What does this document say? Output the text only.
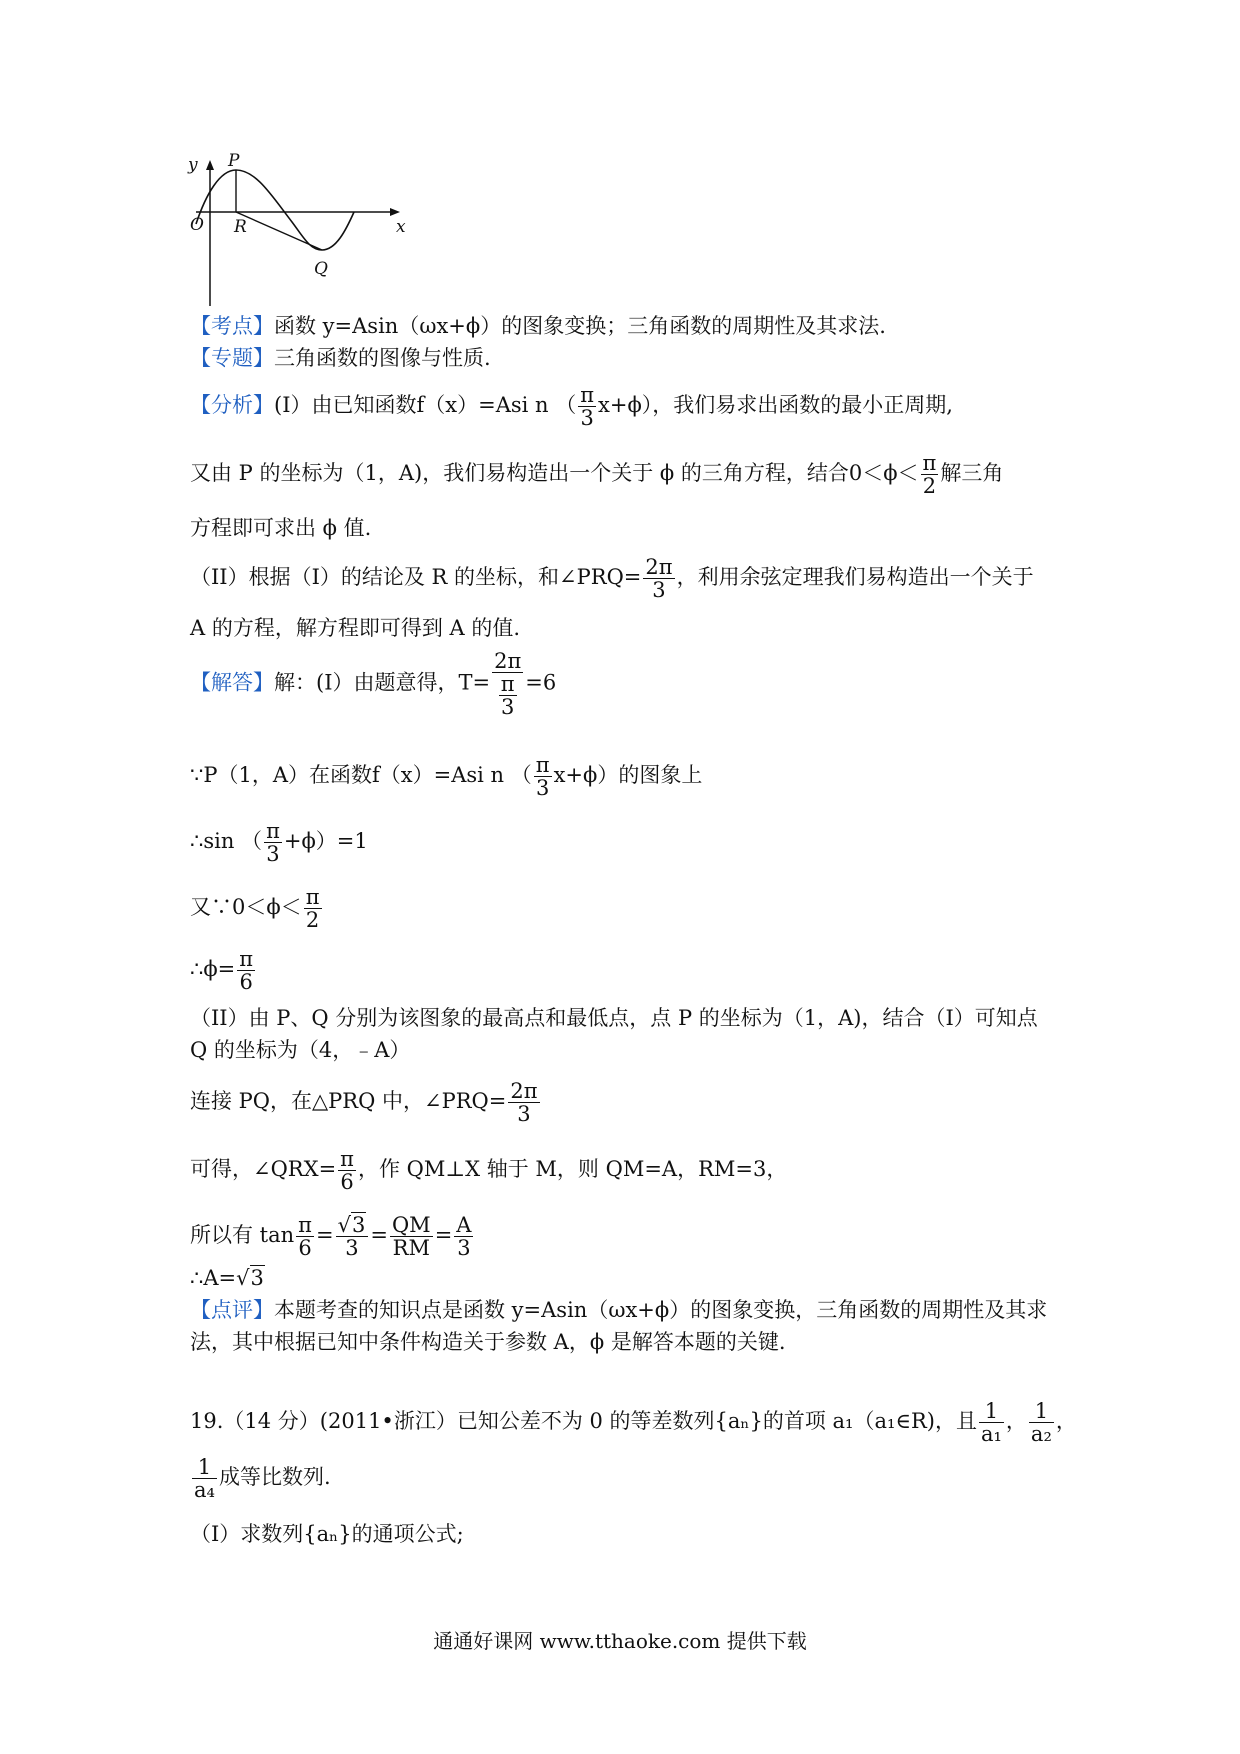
y P
O R	x
Q
【考点】函数 y=Asin（ωx+ϕ）的图象变换；三角函数的周期性及其求法.
【专题】三角函数的图像与性质.
【分析】(I）由已知函数f（x）=Asi n （ $\frac{\pi}{3} x+\phi$），我们易求出函数的最小正周期,
又由 P 的坐标为（1，A)，我们易构造出一个关于 ϕ 的三角方程，结合$0<\phi< \frac{\pi}{2}$ 解三角
方程即可求出 ϕ 值.
（II）根据（I）的结论及 R 的坐标，和∠PRQ= $\frac{2\pi}{3}$ ，利用余弦定理我们易构造出一个关于
A 的方程，解方程即可得到 A 的值.
【解答】解：(I）由题意得，$T= \frac{2\pi}{\frac{\pi}{3}} =6$
∵P（1，A）在函数f（x）=Asi n （ $\frac{\pi}{3} x+\phi$）的图象上
∴sin （ $\frac{\pi}{3} +\phi)=1$
又∵0＜ϕ＜ $\frac{\pi}{2}$
∴ϕ= $\frac{\pi}{6}$
（II）由 P、Q 分别为该图象的最高点和最低点，点 P 的坐标为（1，A)，结合（I）可知点
Q 的坐标为（4，﹣A）
连接 PQ，在△PRQ 中，∠PRQ= $\frac{2\pi}{3}$
可得，∠QRX= $\frac{\pi}{6}$ ，作 QM⊥X 轴于 M，则 QM=A，RM=3，
所以有 $\tan \frac{\pi}{6} = \frac{√3}{3} = \frac{QM}{RM} = \frac{A}{3}$
∴A=√3
【点评】本题考查的知识点是函数 y=Asin（ωx+ϕ）的图象变换，三角函数的周期性及其求
法，其中根据已知中条件构造关于参数 A，ϕ 是解答本题的关键.
19.（14 分）(2011•浙江）已知公差不为 0 的等差数列{aₙ}的首项 a₁（a₁∈R)，且 $\frac{1}{\text{a₁}}$ ， $\frac{1}{\text{a₂}}$ ，
$\frac{1}{\text{a₄}}$ 成等比数列.
（Ⅰ）求数列{aₙ}的通项公式;
通通好课网 www.tthaoke.com 提供下载
